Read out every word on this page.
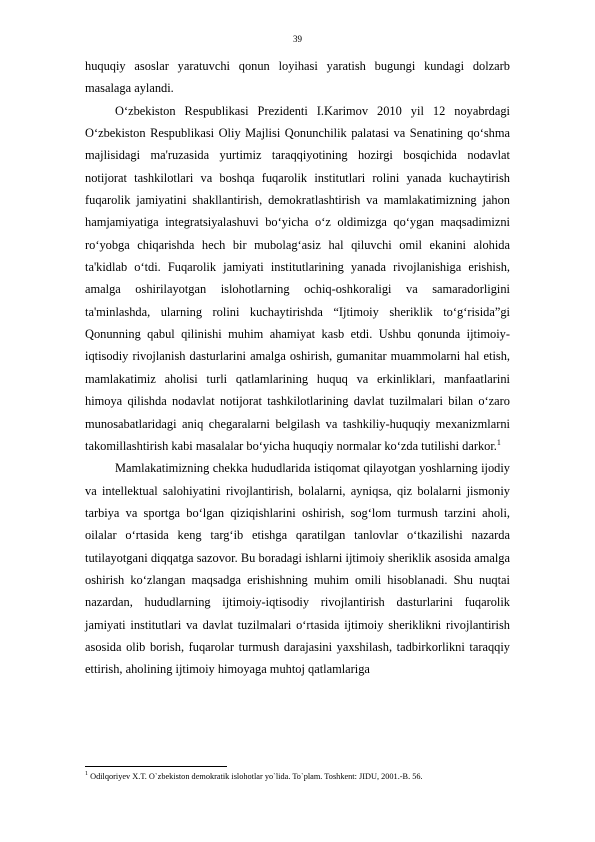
39

huquqiy asoslar yaratuvchi qonun loyihasi yaratish bugungi kundagi dolzarb masalaga aylandi.

O‘zbekiston Respublikasi Prezidenti I.Karimov 2010 yil 12 noyabrdagi O‘zbekiston Respublikasi Oliy Majlisi Qonunchilik palatasi va Senatining qo‘shma majlisidagi ma'ruzasida yurtimiz taraqqiyotining hozirgi bosqichida nodavlat notijorat tashkilotlari va boshqa fuqarolik institutlari rolini yanada kuchaytirish fuqarolik jamiyatini shakllantirish, demokratlashtirish va mamlakatimizning jahon hamjamiyatiga integratsiyalashuvi bo‘yicha o‘z oldimizga qo‘ygan maqsadimizni ro‘yobga chiqarishda hech bir mubolag‘asiz hal qiluvchi omil ekanini alohida ta'kidlab o‘tdi. Fuqarolik jamiyati institutlarining yanada rivojlanishiga erishish, amalga oshirilayotgan islohotlarning ochiq-oshkoraligi va samaradorligini ta'minlashda, ularning rolini kuchaytirishda “Ijtimoiy sheriklik to‘g‘risida”gi Qonunning qabul qilinishi muhim ahamiyat kasb etdi. Ushbu qonunda ijtimoiy-iqtisodiy rivojlanish dasturlarini amalga oshirish, gumanitar muammolarni hal etish, mamlakatimiz aholisi turli qatlamlarining huquq va erkinliklari, manfaatlarini himoya qilishda nodavlat notijorat tashkilotlarining davlat tuzilmalari bilan o‘zaro munosabatlaridagi aniq chegaralarni belgilash va tashkiliy-huquqiy mexanizmlarni takomillashtirish kabi masalalar bo‘yicha huquqiy normalar ko‘zda tutilishi darkor.$^1$

Mamlakatimizning chekka hududlarida istiqomat qilayotgan yoshlarning ijodiy va intellektual salohiyatini rivojlantirish, bolalarni, ayniqsa, qiz bolalarni jismoniy tarbiya va sportga bo‘lgan qiziqishlarini oshirish, sog‘lom turmush tarzini aholi, oilalar o‘rtasida keng targ‘ib etishga qaratilgan tanlovlar o‘tkazilishi nazarda tutilayotgani diqqatga sazovor. Bu boradagi ishlarni ijtimoiy sheriklik asosida amalga oshirish ko‘zlangan maqsadga erishishning muhim omili hisoblanadi. Shu nuqtai nazardan, hududlarning ijtimoiy-iqtisodiy rivojlantirish dasturlarini fuqarolik jamiyati institutlari va davlat tuzilmalari o‘rtasida ijtimoiy sheriklikni rivojlantirish asosida olib borish, fuqarolar turmush darajasini yaxshilash, tadbirkorlikni taraqqiy ettirish, aholining ijtimoiy himoyaga muhtoj qatlamlariga

$^1$ Odilqoriyev X.T. O`zbekiston demokratik islohotlar yo`lida. To`plam. Toshkent: JIDU, 2001.-B. 56.
